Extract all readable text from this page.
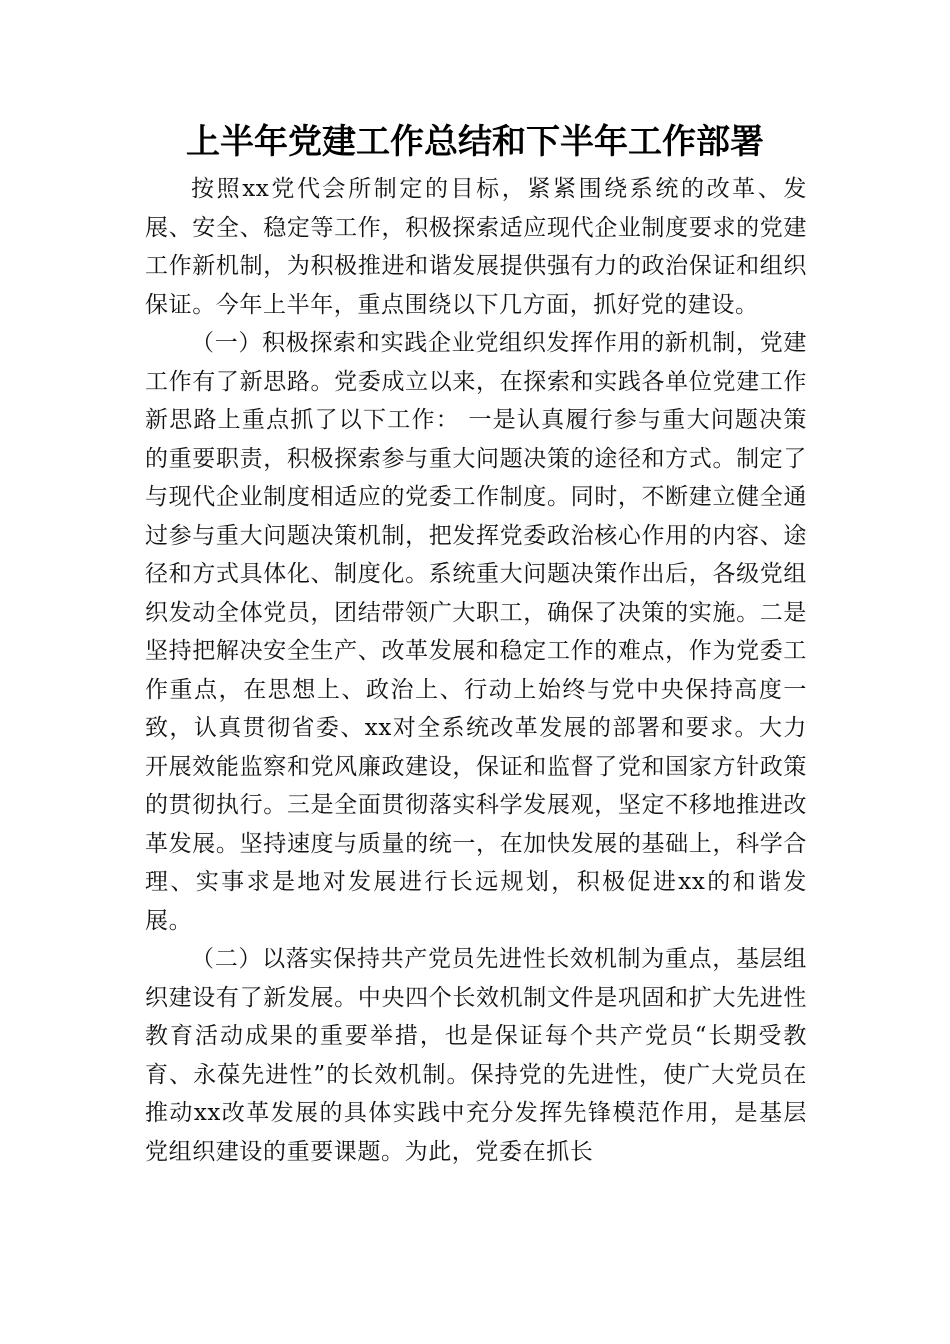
上半年党建工作总结和下半年工作部署

按照xx党代会所制定的目标，紧紧围绕系统的改革、发展、安全、稳定等工作，积极探索适应现代企业制度要求的党建工作新机制，为积极推进和谐发展提供强有力的政治保证和组织保证。今年上半年，重点围绕以下几方面，抓好党的建设。

（一）积极探索和实践企业党组织发挥作用的新机制，党建工作有了新思路。党委成立以来，在探索和实践各单位党建工作新思路上重点抓了以下工作： 一是认真履行参与重大问题决策的重要职责，积极探索参与重大问题决策的途径和方式。制定了与现代企业制度相适应的党委工作制度。同时，不断建立健全通过参与重大问题决策机制，把发挥党委政治核心作用的内容、途径和方式具体化、制度化。系统重大问题决策作出后，各级党组织发动全体党员，团结带领广大职工，确保了决策的实施。二是坚持把解决安全生产、改革发展和稳定工作的难点，作为党委工作重点，在思想上、政治上、行动上始终与党中央保持高度一致，认真贯彻省委、xx对全系统改革发展的部署和要求。大力开展效能监察和党风廉政建设，保证和监督了党和国家方针政策的贯彻执行。三是全面贯彻落实科学发展观，坚定不移地推进改革发展。坚持速度与质量的统一，在加快发展的基础上，科学合理、实事求是地对发展进行长远规划，积极促进xx的和谐发展。

（二）以落实保持共产党员先进性长效机制为重点，基层组织建设有了新发展。中央四个长效机制文件是巩固和扩大先进性教育活动成果的重要举措，也是保证每个共产党员“长期受教育、永葆先进性”的长效机制。保持党的先进性，使广大党员在推动xx改革发展的具体实践中充分发挥先锋模范作用，是基层党组织建设的重要课题。为此，党委在抓长
